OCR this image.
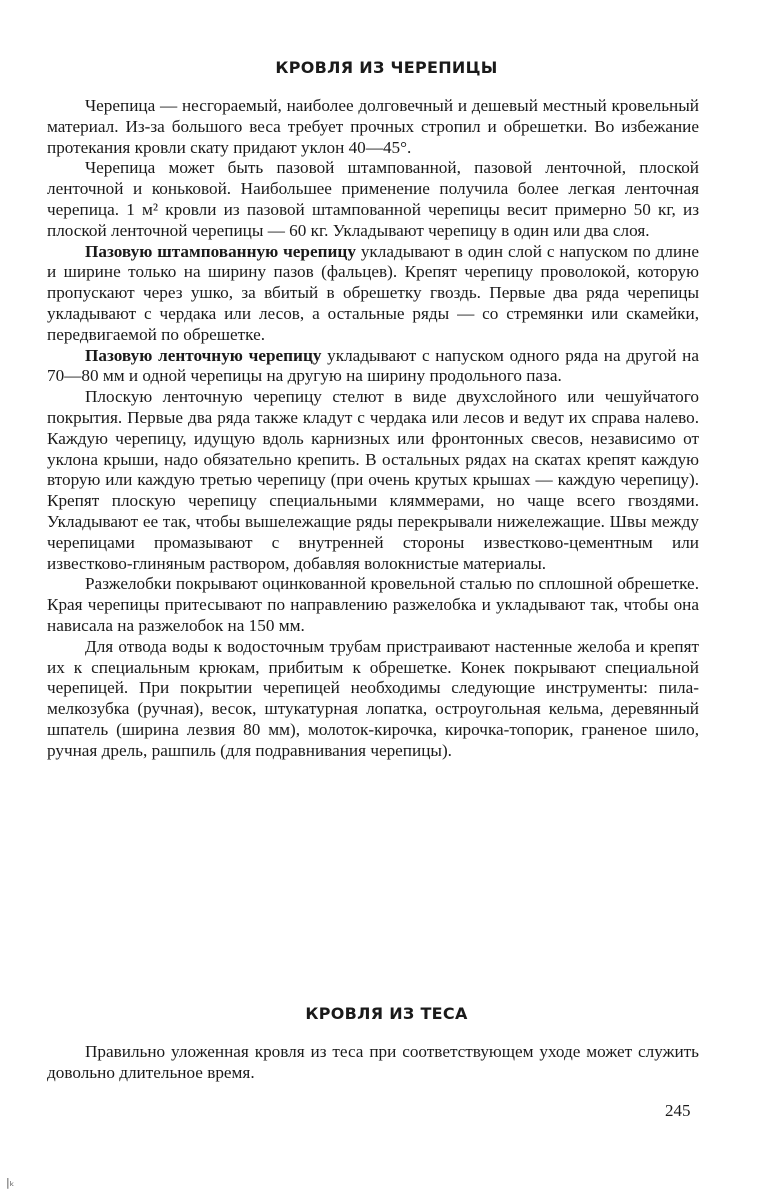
КРОВЛЯ ИЗ ЧЕРЕПИЦЫ

Черепица — несгораемый, наиболее долговечный и дешевый местный кровельный материал. Из-за большого веса требует прочных стропил и обрешетки. Во избежание протекания кровли скату придают уклон 40—45°.

Черепица может быть пазовой штампованной, пазовой ленточной, плоской ленточной и коньковой. Наибольшее применение получила более легкая ленточная черепица. 1 м² кровли из пазовой штампованной черепицы весит примерно 50 кг, из плоской ленточной черепицы — 60 кг. Укладывают черепицу в один или два слоя.

Пазовую штампованную черепицу укладывают в один слой с напуском по длине и ширине только на ширину пазов (фальцев). Крепят черепицу проволокой, которую пропускают через ушко, за вбитый в обрешетку гвоздь. Первые два ряда черепицы укладывают с чердака или лесов, а остальные ряды — со стремянки или скамейки, передвигаемой по обрешетке.

Пазовую ленточную черепицу укладывают с напуском одного ряда на другой на 70—80 мм и одной черепицы на другую на ширину продольного паза.

Плоскую ленточную черепицу стелют в виде двухслойного или чешуйчатого покрытия. Первые два ряда также кладут с чердака или лесов и ведут их справа налево. Каждую черепицу, идущую вдоль карнизных или фронтонных свесов, независимо от уклона крыши, надо обязательно крепить. В остальных рядах на скатах крепят каждую вторую или каждую третью черепицу (при очень крутых крышах — каждую черепицу). Крепят плоскую черепицу специальными кляммерами, но чаще всего гвоздями. Укладывают ее так, чтобы вышележащие ряды перекрывали нижележащие. Швы между черепицами промазывают с внутренней стороны известково-цементным или известково-глиняным раствором, добавляя волокнистые материалы.

Разжелобки покрывают оцинкованной кровельной сталью по сплошной обрешетке. Края черепицы притесывают по направлению разжелобка и укладывают так, чтобы она нависала на разжелобок на 150 мм.

Для отвода воды к водосточным трубам пристраивают настенные желоба и крепят их к специальным крюкам, прибитым к обрешетке. Конек покрывают специальной черепицей. При покрытии черепицей необходимы следующие инструменты: пила-мелкозубка (ручная), весок, штукатурная лопатка, остроугольная кельма, деревянный шпатель (ширина лезвия 80 мм), молоток-кирочка, кирочка-топорик, граненое шило, ручная дрель, рашпиль (для подравнивания черепицы).

КРОВЛЯ ИЗ ТЕСА

Правильно уложенная кровля из теса при соответствующем уходе может служить довольно длительное время.

245
|ₖ
